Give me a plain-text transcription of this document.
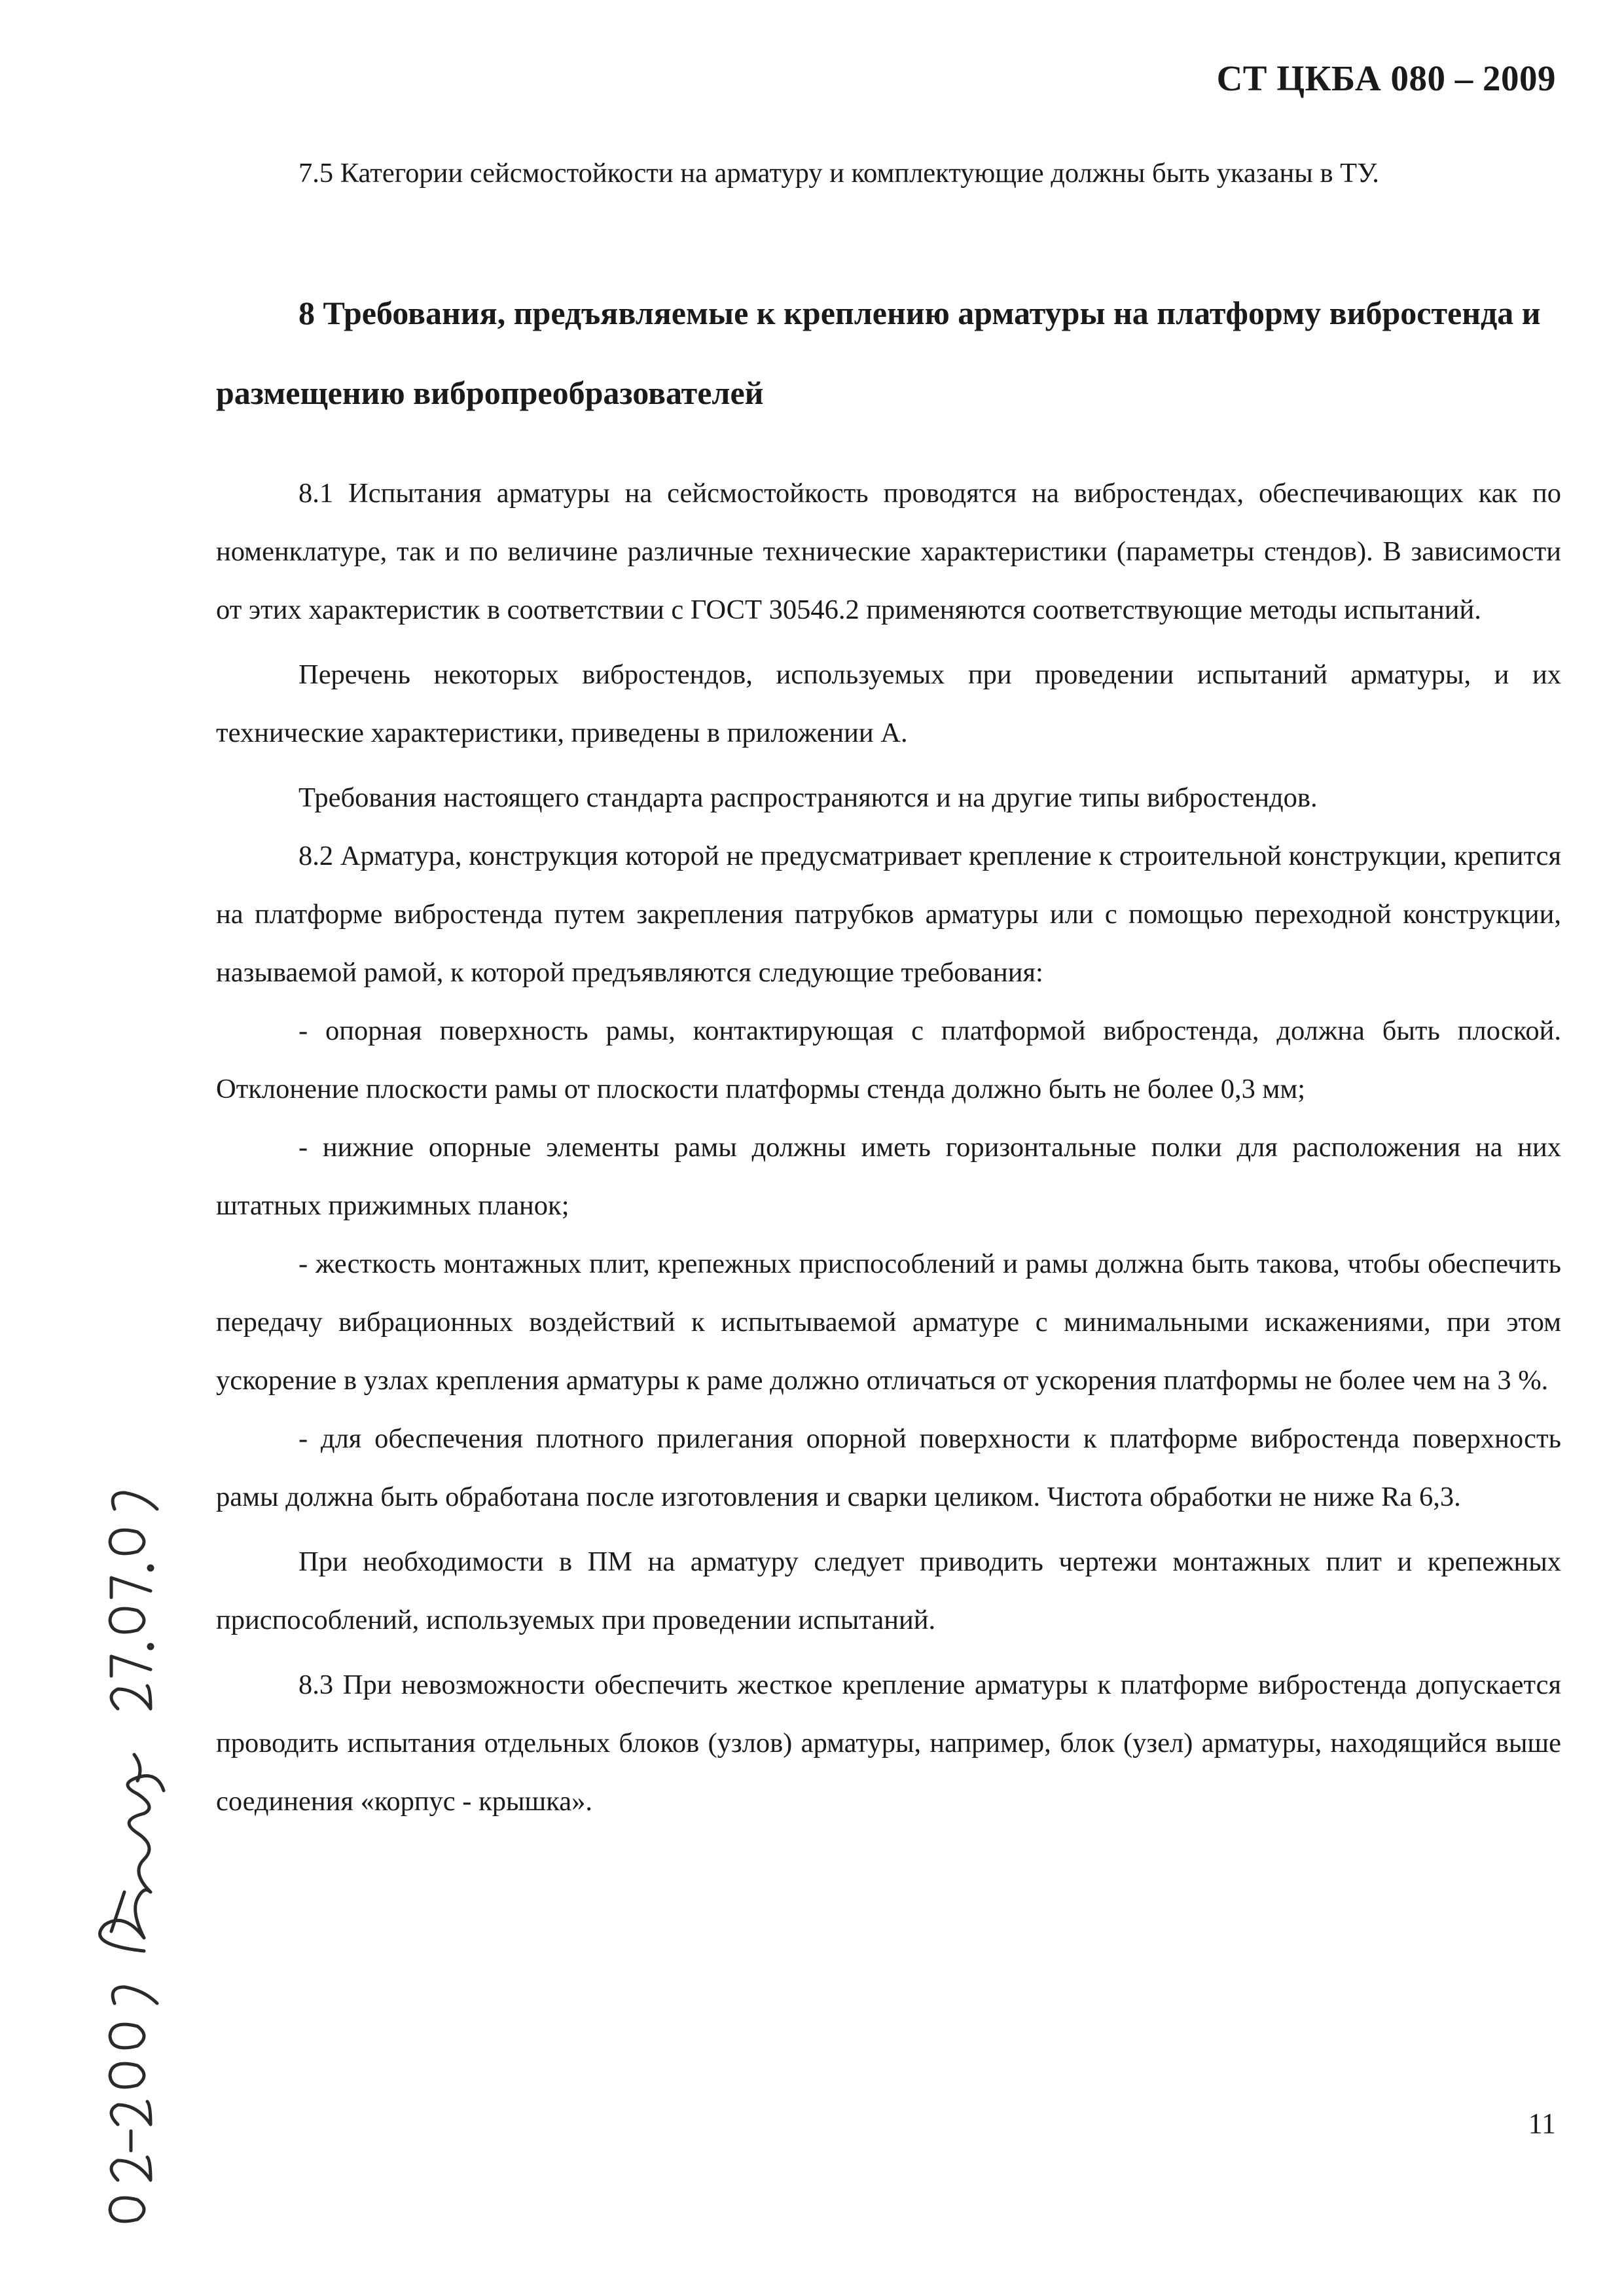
СТ ЦКБА 080 – 2009

7.5 Категории сейсмостойкости на арматуру и комплектующие должны быть указаны в ТУ.

8 Требования, предъявляемые к креплению арматуры на платформу вибростенда и размещению вибропреобразователей

8.1 Испытания арматуры на сейсмостойкость проводятся на вибростендах, обеспечивающих как по номенклатуре, так и по величине различные технические характеристики (параметры стендов). В зависимости от этих характеристик в соответствии с ГОСТ 30546.2 применяются соответствующие методы испытаний.

Перечень некоторых вибростендов, используемых при проведении испытаний арматуры, и их технические характеристики, приведены в приложении А.

Требования настоящего стандарта распространяются и на другие типы вибростендов.

8.2 Арматура, конструкция которой не предусматривает крепление к строительной конструкции, крепится на платформе вибростенда путем закрепления патрубков арматуры или с помощью переходной конструкции, называемой рамой, к которой предъявляются следующие требования:

- опорная поверхность рамы, контактирующая с платформой вибростенда, должна быть плоской. Отклонение плоскости рамы от плоскости платформы стенда должно быть не более 0,3 мм;

- нижние опорные элементы рамы должны иметь горизонтальные полки для расположения на них штатных прижимных планок;

- жесткость монтажных плит, крепежных приспособлений и рамы должна быть такова, чтобы обеспечить передачу вибрационных воздействий к испытываемой арматуре с минимальными искажениями, при этом ускорение в узлах крепления арматуры к раме должно отличаться от ускорения платформы не более чем на 3 %.

- для обеспечения плотного прилегания опорной поверхности к платформе вибростенда поверхность рамы должна быть обработана после изготовления и сварки целиком. Чистота обработки не ниже Ra 6,3.

При необходимости в ПМ на арматуру следует приводить чертежи монтажных плит и крепежных приспособлений, используемых при проведении испытаний.

8.3 При невозможности обеспечить жесткое крепление арматуры к платформе вибростенда допускается проводить испытания отдельных блоков (узлов) арматуры, например, блок (узел) арматуры, находящийся выше соединения «корпус - крышка».

11
